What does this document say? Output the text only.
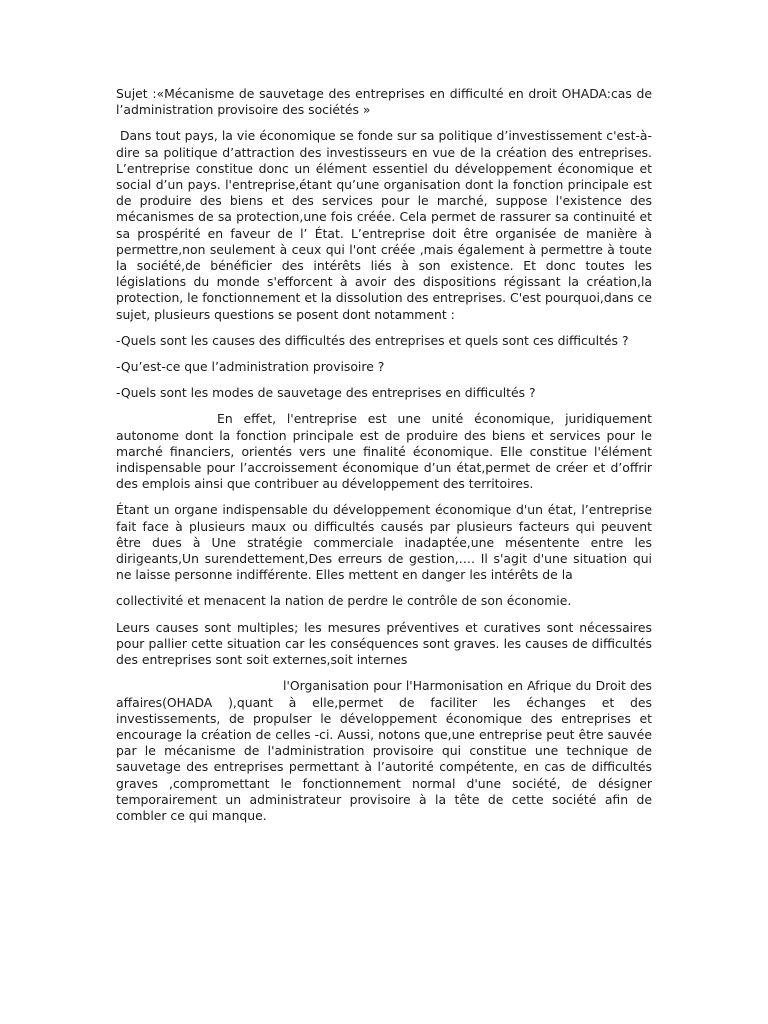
Sujet :«Mécanisme de sauvetage des entreprises en difficulté en droit OHADA:cas de l’administration provisoire des sociétés »

Dans tout pays, la vie économique se fonde sur sa politique d’investissement c'est-à-dire sa politique d’attraction des investisseurs en vue de la création des entreprises. L’entreprise constitue donc un élément essentiel du développement économique et social d’un pays. l'entreprise,étant qu’une organisation dont la fonction principale est de produire des biens et des services pour le marché, suppose l'existence des mécanismes de sa protection,une fois créée. Cela permet de rassurer sa continuité et sa prospérité en faveur de l’ État. L’entreprise doit être organisée de manière à permettre,non seulement à ceux qui l'ont créée ,mais également à permettre à toute la société,de bénéficier des intérêts liés à son existence. Et donc toutes les législations du monde s'efforcent à avoir des dispositions régissant la création,la protection, le fonctionnement et la dissolution des entreprises. C'est pourquoi,dans ce sujet, plusieurs questions se posent dont notamment :

-Quels sont les causes des difficultés des entreprises et quels sont ces difficultés ?

-Qu’est-ce que l’administration provisoire ?

-Quels sont les modes de sauvetage des entreprises en difficultés ?

En effet, l'entreprise est une unité économique, juridiquement autonome dont la fonction principale est de produire des biens et services pour le marché financiers, orientés vers une finalité économique. Elle constitue l'élément indispensable pour l’accroissement économique d’un état,permet de créer et d’offrir des emplois ainsi que contribuer au développement des territoires.

Étant un organe indispensable du développement économique d'un état, l’entreprise fait face à plusieurs maux ou difficultés causés par plusieurs facteurs qui peuvent être dues à Une stratégie commerciale inadaptée,une mésentente entre les dirigeants,Un surendettement,Des erreurs de gestion,…. Il s'agit d'une situation qui ne laisse personne indifférente. Elles mettent en danger les intérêts de la

collectivité et menacent la nation de perdre le contrôle de son économie.

Leurs causes sont multiples; les mesures préventives et curatives sont nécessaires pour pallier cette situation car les conséquences sont graves. les causes de difficultés des entreprises sont soit externes,soit internes

l'Organisation pour l'Harmonisation en Afrique du Droit des affaires(OHADA ),quant à elle,permet de faciliter les échanges et des investissements, de propulser le développement économique des entreprises et encourage la création de celles -ci. Aussi, notons que,une entreprise peut être sauvée par le mécanisme de l'administration provisoire qui constitue une technique de sauvetage des entreprises permettant à l’autorité compétente, en cas de difficultés graves ,compromettant le fonctionnement normal d'une société, de désigner temporairement un administrateur provisoire à la tête de cette société afin de combler ce qui manque.
